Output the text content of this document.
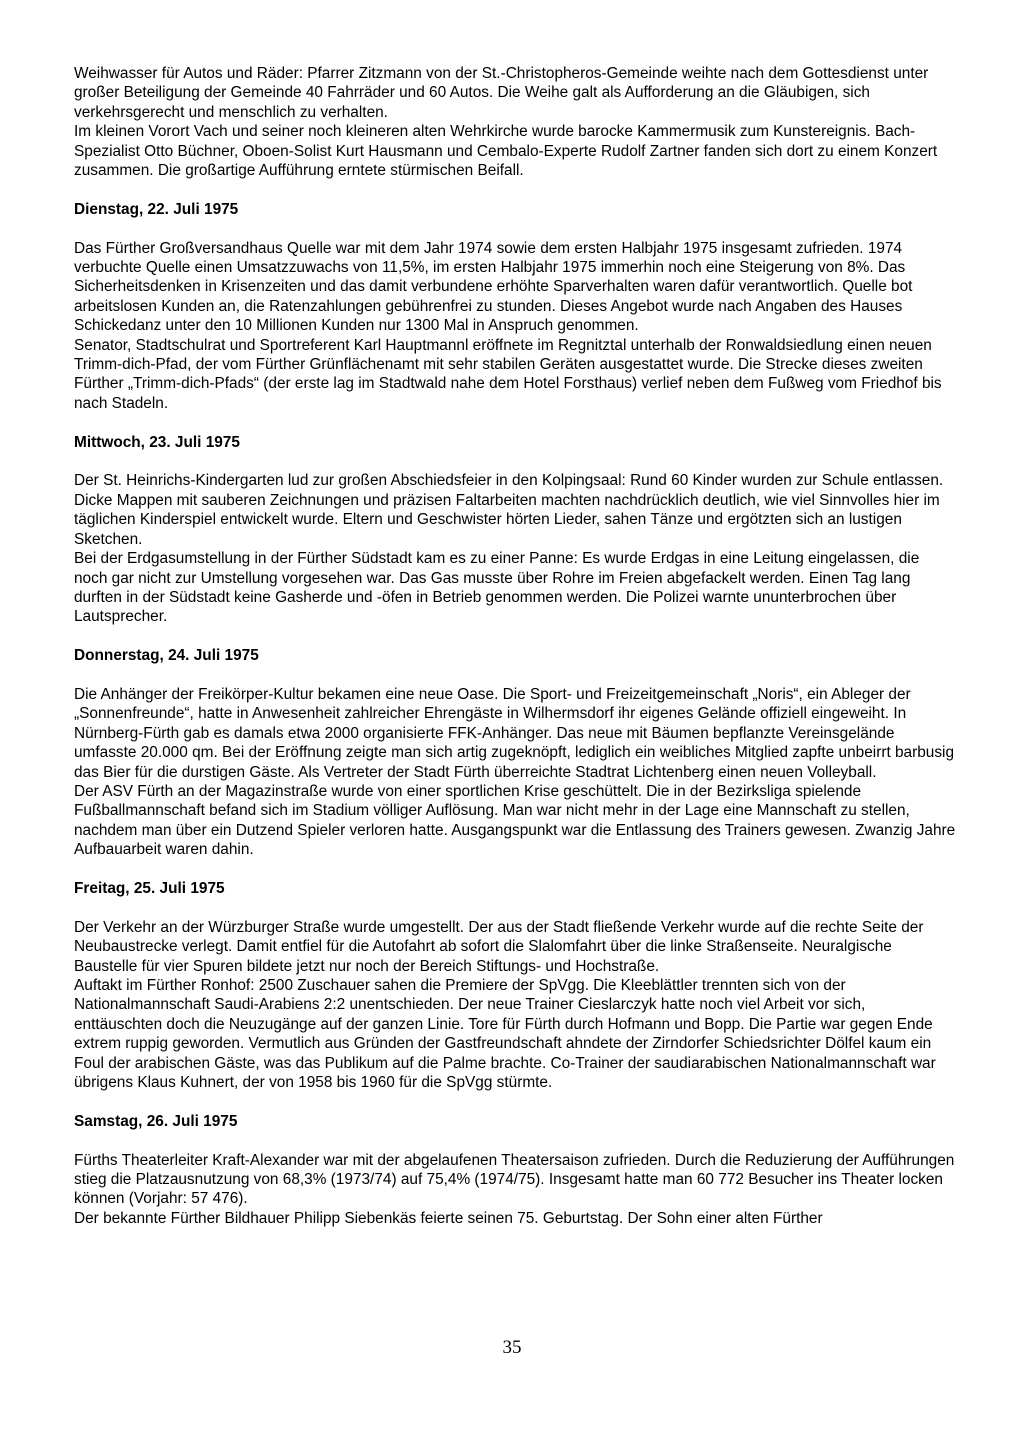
Weihwasser für Autos und Räder: Pfarrer Zitzmann von der St.-Christopheros-Gemeinde weihte nach dem Gottesdienst unter großer Beteiligung der Gemeinde 40 Fahrräder und 60 Autos. Die Weihe galt als Aufforderung an die Gläubigen, sich verkehrsgerecht und menschlich zu verhalten.

Im kleinen Vorort Vach und seiner noch kleineren alten Wehrkirche wurde barocke Kammermusik zum Kunstereignis. Bach-Spezialist Otto Büchner, Oboen-Solist Kurt Hausmann und Cembalo-Experte Rudolf Zartner fanden sich dort zu einem Konzert zusammen. Die großartige Aufführung erntete stürmischen Beifall.

Dienstag, 22. Juli 1975

Das Fürther Großversandhaus Quelle war mit dem Jahr 1974 sowie dem ersten Halbjahr 1975 insgesamt zufrieden. 1974 verbuchte Quelle einen Umsatzzuwachs von 11,5%, im ersten Halbjahr 1975 immerhin noch eine Steigerung von 8%. Das Sicherheitsdenken in Krisenzeiten und das damit verbundene erhöhte Sparverhalten waren dafür verantwortlich. Quelle bot arbeitslosen Kunden an, die Ratenzahlungen gebührenfrei zu stunden. Dieses Angebot wurde nach Angaben des Hauses Schickedanz unter den 10 Millionen Kunden nur 1300 Mal in Anspruch genommen.

Senator, Stadtschulrat und Sportreferent Karl Hauptmannl eröffnete im Regnitztal unterhalb der Ronwaldsiedlung einen neuen Trimm-dich-Pfad, der vom Fürther Grünflächenamt mit sehr stabilen Geräten ausgestattet wurde. Die Strecke dieses zweiten Fürther „Trimm-dich-Pfads“ (der erste lag im Stadtwald nahe dem Hotel Forsthaus) verlief neben dem Fußweg vom Friedhof bis nach Stadeln.

Mittwoch, 23. Juli 1975

Der St. Heinrichs-Kindergarten lud zur großen Abschiedsfeier in den Kolpingsaal: Rund 60 Kinder wurden zur Schule entlassen. Dicke Mappen mit sauberen Zeichnungen und präzisen Faltarbeiten machten nachdrücklich deutlich, wie viel Sinnvolles hier im täglichen Kinderspiel entwickelt wurde. Eltern und Geschwister hörten Lieder, sahen Tänze und ergötzten sich an lustigen Sketchen.

Bei der Erdgasumstellung in der Fürther Südstadt kam es zu einer Panne: Es wurde Erdgas in eine Leitung eingelassen, die noch gar nicht zur Umstellung vorgesehen war. Das Gas musste über Rohre im Freien abgefackelt werden. Einen Tag lang durften in der Südstadt keine Gasherde und -öfen in Betrieb genommen werden. Die Polizei warnte ununterbrochen über Lautsprecher.

Donnerstag, 24. Juli 1975

Die Anhänger der Freikörper-Kultur bekamen eine neue Oase. Die Sport- und Freizeitgemeinschaft „Noris“, ein Ableger der „Sonnenfreunde“, hatte in Anwesenheit zahlreicher Ehrengäste in Wilhermsdorf ihr eigenes Gelände offiziell eingeweiht. In Nürnberg-Fürth gab es damals etwa 2000 organisierte FFK-Anhänger. Das neue mit Bäumen bepflanzte Vereinsgelände umfasste 20.000 qm. Bei der Eröffnung zeigte man sich artig zugeknöpft, lediglich ein weibliches Mitglied zapfte unbeirrt barbusig das Bier für die durstigen Gäste. Als Vertreter der Stadt Fürth überreichte Stadtrat Lichtenberg einen neuen Volleyball.

Der ASV Fürth an der Magazinstraße wurde von einer sportlichen Krise geschüttelt. Die in der Bezirksliga spielende Fußballmannschaft befand sich im Stadium völliger Auflösung. Man war nicht mehr in der Lage eine Mannschaft zu stellen, nachdem man über ein Dutzend Spieler verloren hatte. Ausgangspunkt war die Entlassung des Trainers gewesen. Zwanzig Jahre Aufbauarbeit waren dahin.

Freitag, 25. Juli 1975

Der Verkehr an der Würzburger Straße wurde umgestellt. Der aus der Stadt fließende Verkehr wurde auf die rechte Seite der Neubaustrecke verlegt. Damit entfiel für die Autofahrt ab sofort die Slalomfahrt über die linke Straßenseite. Neuralgische Baustelle für vier Spuren bildete jetzt nur noch der Bereich Stiftungs- und Hochstraße.

Auftakt im Fürther Ronhof: 2500 Zuschauer sahen die Premiere der SpVgg. Die Kleeblättler trennten sich von der Nationalmannschaft Saudi-Arabiens 2:2 unentschieden. Der neue Trainer Cieslarczyk hatte noch viel Arbeit vor sich, enttäuschten doch die Neuzugänge auf der ganzen Linie. Tore für Fürth durch Hofmann und Bopp. Die Partie war gegen Ende extrem ruppig geworden. Vermutlich aus Gründen der Gastfreundschaft ahndete der Zirndorfer Schiedsrichter Dölfel kaum ein Foul der arabischen Gäste, was das Publikum auf die Palme brachte. Co-Trainer der saudiarabischen Nationalmannschaft war übrigens Klaus Kuhnert, der von 1958 bis 1960 für die SpVgg stürmte.

Samstag, 26. Juli 1975

Fürths Theaterleiter Kraft-Alexander war mit der abgelaufenen Theatersaison zufrieden. Durch die Reduzierung der Aufführungen stieg die Platzausnutzung von 68,3% (1973/74) auf 75,4% (1974/75). Insgesamt hatte man 60 772 Besucher ins Theater locken können (Vorjahr: 57 476).

Der bekannte Fürther Bildhauer Philipp Siebenkäs feierte seinen 75. Geburtstag. Der Sohn einer alten Fürther

35
